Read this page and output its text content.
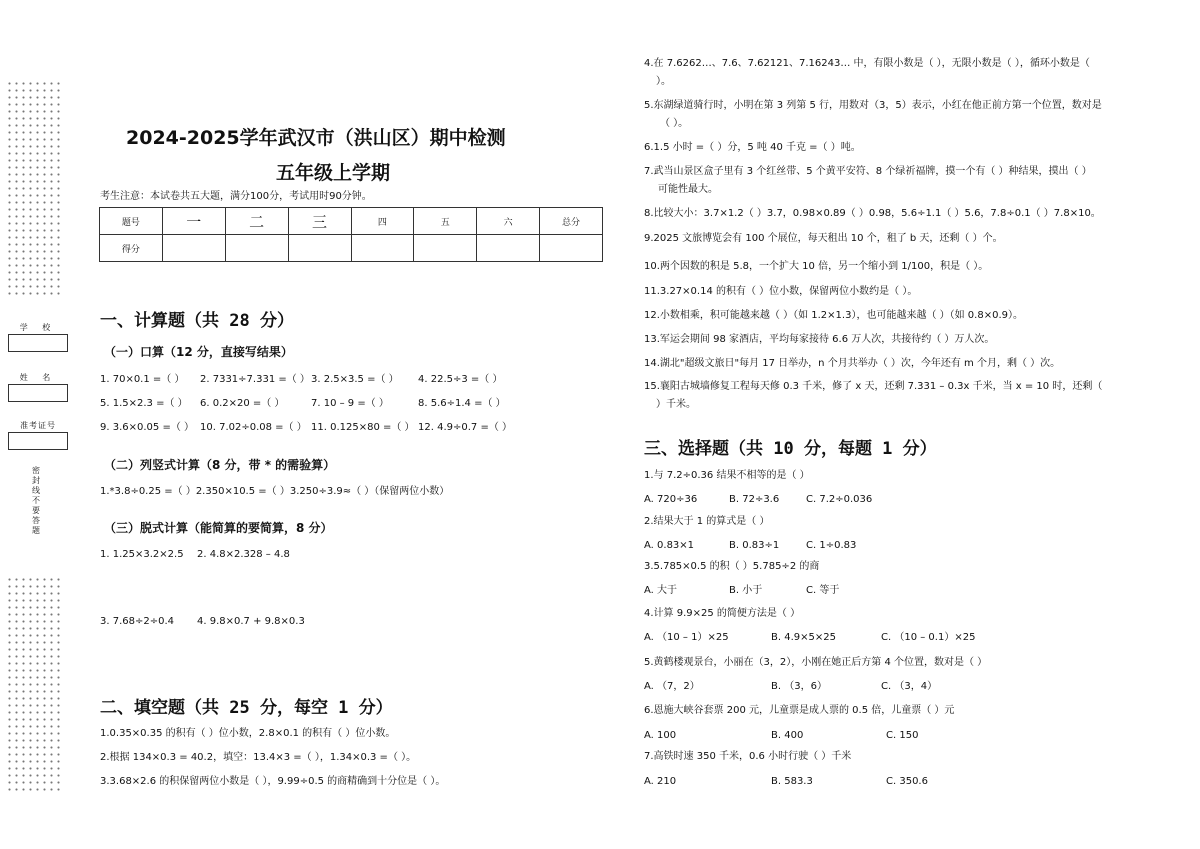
学 校
姓 名
准考证号
密封线不要答题
2024-2025学年武汉市（洪山区）期中检测
五年级上学期
考生注意：本试卷共五大题，满分100分，考试用时90分钟。
题号	一	二	三	四	五	六	总分
得分							
一、计算题（共 28 分）
（一）口算（12 分，直接写结果）
1. 70×0.1 =（ ） 2. 7331÷7.331 =（ ） 3. 2.5×3.5 =（ ） 4. 22.5÷3 =（ ）
5. 1.5×2.3 =（ ） 6. 0.2×20 =（ ）	7. 10 – 9 =（ ）	8. 5.6÷1.4 =（ ）
9. 3.6×0.05 =（ ） 10. 7.02÷0.08 =（ ） 11. 0.125×80 =（ ） 12. 4.9÷0.7 =（ ）
（二）列竖式计算（8 分，带 * 的需验算）
1.*3.8÷0.25 =（ ）2.350×10.5 =（ ）3.250÷3.9≈（ ）（保留两位小数）
（三）脱式计算（能简算的要简算，8 分）
1. 1.25×3.2×2.5 2. 4.8×2.328 – 4.8
3. 7.68÷2÷0.4 4. 9.8×0.7 + 9.8×0.3
二、填空题（共 25 分，每空 1 分）
1.0.35×0.35 的积有（ ）位小数，2.8×0.1 的积有（ ）位小数。
2.根据 134×0.3 = 40.2，填空：13.4×3 =（ ），1.34×0.3 =（ ）。
3.3.68×2.6 的积保留两位小数是（ ），9.99÷0.5 的商精确到十分位是（ ）。
4.在 7.6262…、7.6、7.62121、7.16243… 中，有限小数是（ ），无限小数是（ ），循环小数是（
）。
5.东湖绿道骑行时，小明在第 3 列第 5 行，用数对（3，5）表示，小红在他正前方第一个位置，数对是
（ ）。
6.1.5 小时 =（ ）分，5 吨 40 千克 =（ ）吨。
7.武当山景区盒子里有 3 个红丝带、5 个黄平安符、8 个绿祈福牌，摸一个有（ ）种结果，摸出（ ）
可能性最大。
8.比较大小：3.7×1.2（ ）3.7，0.98×0.89（ ）0.98，5.6÷1.1（ ）5.6，7.8÷0.1（ ）7.8×10。
9.2025 文旅博览会有 100 个展位，每天租出 10 个，租了 b 天，还剩（ ）个。
10.两个因数的积是 5.8，一个扩大 10 倍，另一个缩小到 1/100，积是（ ）。
11.3.27×0.14 的积有（ ）位小数，保留两位小数约是（ ）。
12.小数相乘，积可能越来越（ ）（如 1.2×1.3），也可能越来越（ ）（如 0.8×0.9）。
13.军运会期间 98 家酒店，平均每家接待 6.6 万人次，共接待约（ ）万人次。
14.湖北"超级文旅日"每月 17 日举办，n 个月共举办（ ）次，今年还有 m 个月，剩（ ）次。
15.襄阳古城墙修复工程每天修 0.3 千米，修了 x 天，还剩 7.331 – 0.3x 千米，当 x = 10 时，还剩（
）千米。
三、选择题（共 10 分，每题 1 分）
1.与 7.2÷0.36 结果不相等的是（ ）
A. 720÷36	B. 72÷3.6	C. 7.2÷0.036
2.结果大于 1 的算式是（ ）
A. 0.83×1	B. 0.83÷1	C. 1÷0.83
3.5.785×0.5 的积（ ）5.785÷2 的商
A. 大于	B. 小于	C. 等于
4.计算 9.9×25 的简便方法是（ ）
A. （10 – 1）×25	B. 4.9×5×25	C. （10 – 0.1）×25
5.黄鹤楼观景台，小丽在（3，2），小刚在她正后方第 4 个位置，数对是（ ）
A. （7，2）	B. （3，6）	C. （3，4）
6.恩施大峡谷套票 200 元，儿童票是成人票的 0.5 倍，儿童票（ ）元
A. 100	B. 400	C. 150
7.高铁时速 350 千米，0.6 小时行驶（ ）千米
A. 210	B. 583.3	C. 350.6
